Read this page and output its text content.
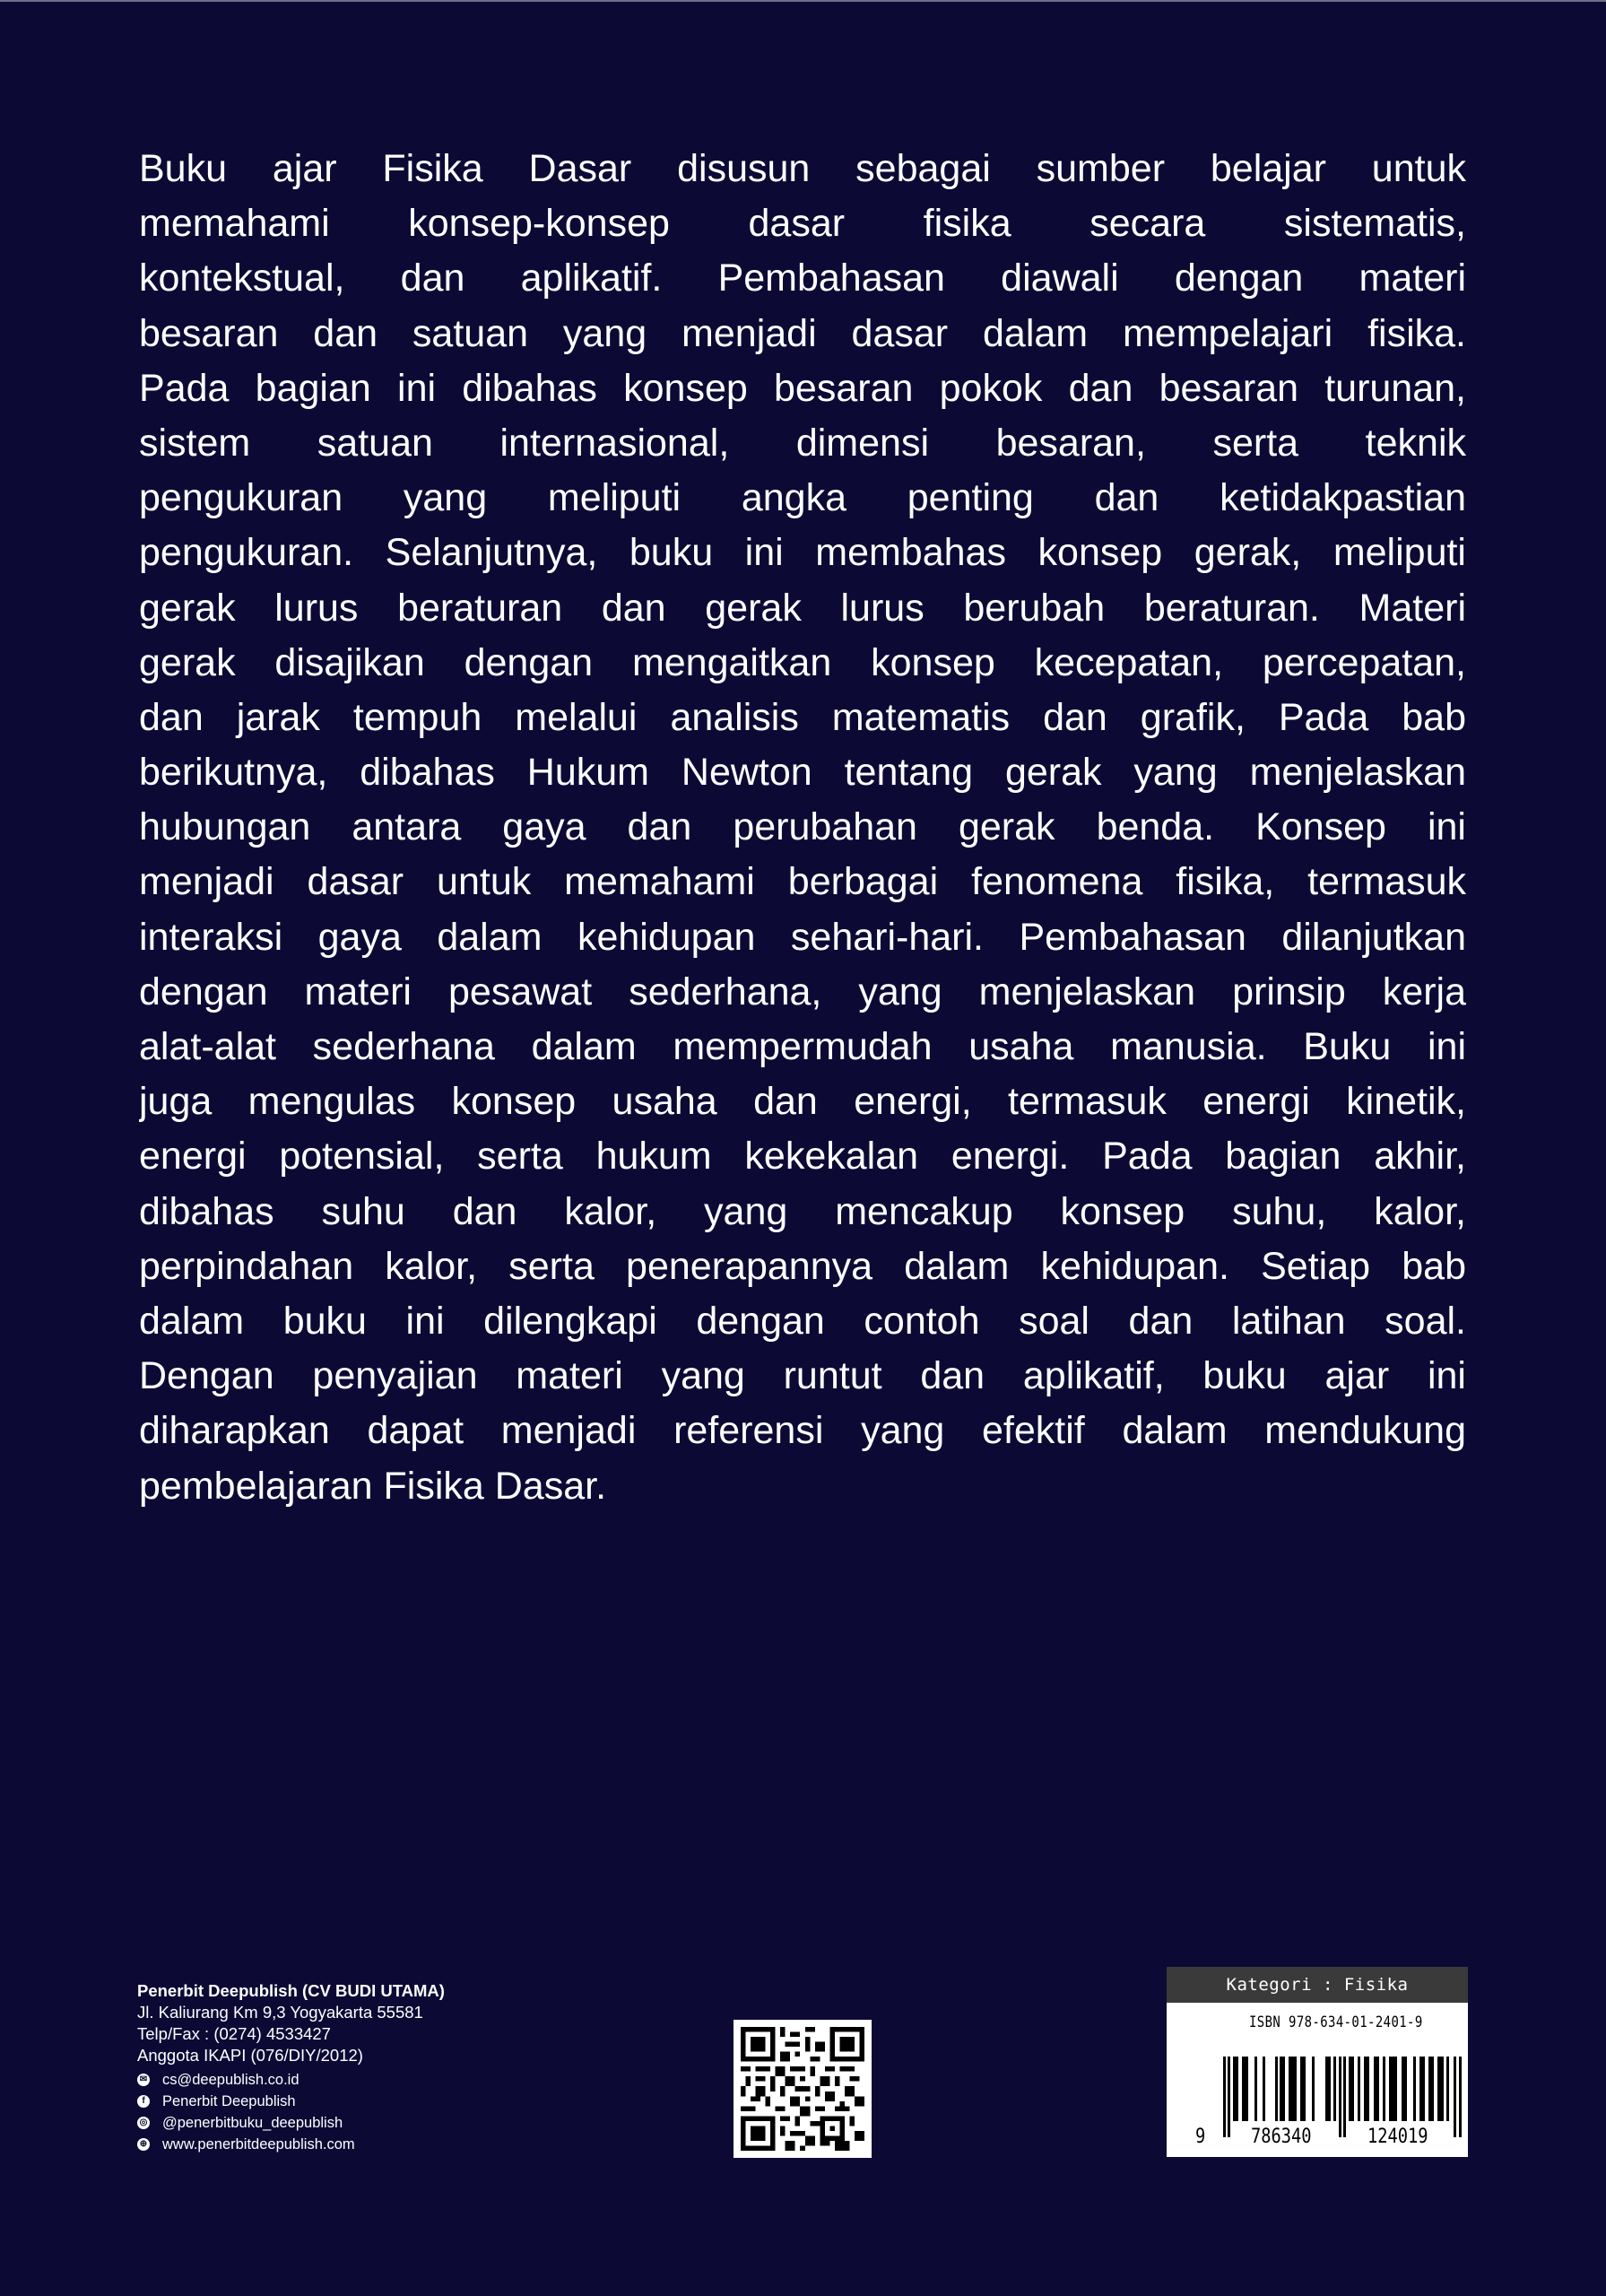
Buku ajar Fisika Dasar disusun sebagai sumber belajar untuk
memahami konsep-konsep dasar fisika secara sistematis,
kontekstual, dan aplikatif. Pembahasan diawali dengan materi
besaran dan satuan yang menjadi dasar dalam mempelajari fisika.
Pada bagian ini dibahas konsep besaran pokok dan besaran turunan,
sistem satuan internasional, dimensi besaran, serta teknik
pengukuran yang meliputi angka penting dan ketidakpastian
pengukuran. Selanjutnya, buku ini membahas konsep gerak, meliputi
gerak lurus beraturan dan gerak lurus berubah beraturan. Materi
gerak disajikan dengan mengaitkan konsep kecepatan, percepatan,
dan jarak tempuh melalui analisis matematis dan grafik, Pada bab
berikutnya, dibahas Hukum Newton tentang gerak yang menjelaskan
hubungan antara gaya dan perubahan gerak benda. Konsep ini
menjadi dasar untuk memahami berbagai fenomena fisika, termasuk
interaksi gaya dalam kehidupan sehari-hari. Pembahasan dilanjutkan
dengan materi pesawat sederhana, yang menjelaskan prinsip kerja
alat-alat sederhana dalam mempermudah usaha manusia. Buku ini
juga mengulas konsep usaha dan energi, termasuk energi kinetik,
energi potensial, serta hukum kekekalan energi. Pada bagian akhir,
dibahas suhu dan kalor, yang mencakup konsep suhu, kalor,
perpindahan kalor, serta penerapannya dalam kehidupan. Setiap bab
dalam buku ini dilengkapi dengan contoh soal dan latihan soal.
Dengan penyajian materi yang runtut dan aplikatif, buku ajar ini
diharapkan dapat menjadi referensi yang efektif dalam mendukung
pembelajaran Fisika Dasar.
Penerbit Deepublish (CV BUDI UTAMA)
Jl. Kaliurang Km 9,3 Yogyakarta 55581
Telp/Fax : (0274) 4533427
Anggota IKAPI (076/DIY/2012)
✉ cs@deepublish.co.id
f	Penerbit Deepublish
◎ @penerbitbuku_deepublish
⊕ www.penerbitdeepublish.com
Kategori : Fisika
ISBN 978-634-01-2401-9
9 786340	124019
